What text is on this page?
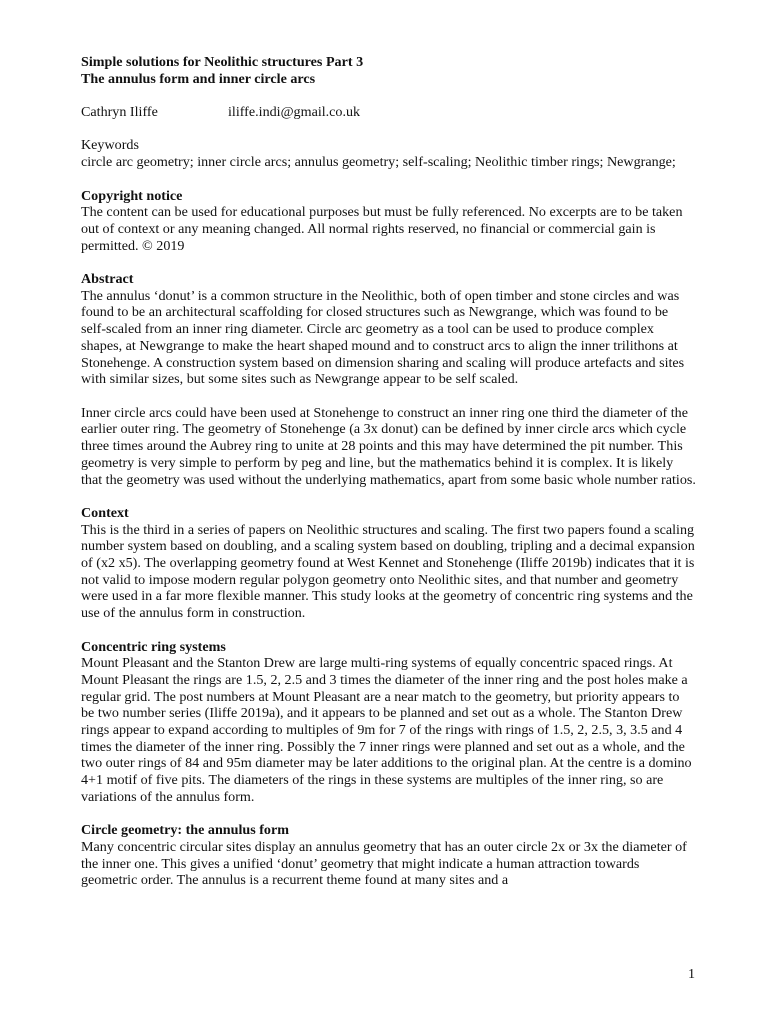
Simple solutions for Neolithic structures Part 3
The annulus form and inner circle arcs
Cathryn Iliffe	iliffe.indi@gmail.co.uk
Keywords

circle arc geometry; inner circle arcs; annulus geometry; self-scaling; Neolithic timber rings; Newgrange;

Copyright notice

The content can be used for educational purposes but must be fully referenced. No excerpts are to be taken out of context or any meaning changed. All normal rights reserved, no financial or commercial gain is permitted. © 2019

Abstract

The annulus ‘donut’ is a common structure in the Neolithic, both of open timber and stone circles and was found to be an architectural scaffolding for closed structures such as Newgrange, which was found to be self-scaled from an inner ring diameter. Circle arc geometry as a tool can be used to produce complex shapes, at Newgrange to make the heart shaped mound and to construct arcs to align the inner trilithons at Stonehenge. A construction system based on dimension sharing and scaling will produce artefacts and sites with similar sizes, but some sites such as Newgrange appear to be self scaled.

Inner circle arcs could have been used at Stonehenge to construct an inner ring one third the diameter of the earlier outer ring. The geometry of Stonehenge (a 3x donut) can be defined by inner circle arcs which cycle three times around the Aubrey ring to unite at 28 points and this may have determined the pit number. This geometry is very simple to perform by peg and line, but the mathematics behind it is complex. It is likely that the geometry was used without the underlying mathematics, apart from some basic whole number ratios.

Context

This is the third in a series of papers on Neolithic structures and scaling. The first two papers found a scaling number system based on doubling, and a scaling system based on doubling, tripling and a decimal expansion of (x2 x5). The overlapping geometry found at West Kennet and Stonehenge (Iliffe 2019b) indicates that it is not valid to impose modern regular polygon geometry onto Neolithic sites, and that number and geometry were used in a far more flexible manner. This study looks at the geometry of concentric ring systems and the use of the annulus form in construction.

Concentric ring systems

Mount Pleasant and the Stanton Drew are large multi-ring systems of equally concentric spaced rings. At Mount Pleasant the rings are 1.5, 2, 2.5 and 3 times the diameter of the inner ring and the post holes make a regular grid. The post numbers at Mount Pleasant are a near match to the geometry, but priority appears to be two number series (Iliffe 2019a), and it appears to be planned and set out as a whole. The Stanton Drew rings appear to expand according to multiples of 9m for 7 of the rings with rings of 1.5, 2, 2.5, 3, 3.5 and 4 times the diameter of the inner ring. Possibly the 7 inner rings were planned and set out as a whole, and the two outer rings of 84 and 95m diameter may be later additions to the original plan. At the centre is a domino 4+1 motif of five pits. The diameters of the rings in these systems are multiples of the inner ring, so are variations of the annulus form.

Circle geometry: the annulus form

Many concentric circular sites display an annulus geometry that has an outer circle 2x or 3x the diameter of the inner one. This gives a unified ‘donut’ geometry that might indicate a human attraction towards geometric order. The annulus is a recurrent theme found at many sites and a

1
